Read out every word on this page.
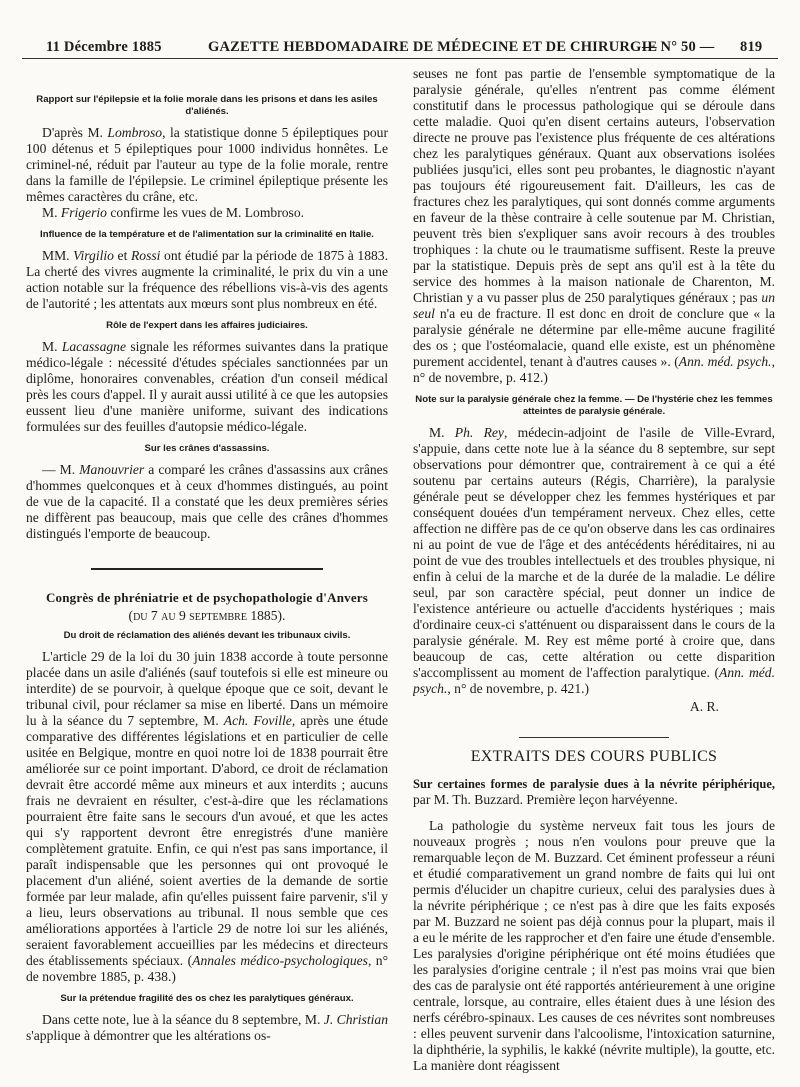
11 Décembre 1885	GAZETTE HEBDOMADAIRE DE MÉDECINE ET DE CHIRURGIE
— N° 50 — 819
Rapport sur l'épilepsie et la folie morale dans les prisons et dans les asiles d'aliénés.

D'après M. Lombroso, la statistique donne 5 épileptiques pour 100 détenus et 5 épileptiques pour 1000 individus honnêtes. Le criminel-né, réduit par l'auteur au type de la folie morale, rentre dans la famille de l'épilepsie. Le criminel épileptique présente les mêmes caractères du crâne, etc.

M. Frigerio confirme les vues de M. Lombroso.

Influence de la température et de l'alimentation sur la criminalité en Italie.

MM. Virgilio et Rossi ont étudié par la période de 1875 à 1883. La cherté des vivres augmente la criminalité, le prix du vin a une action notable sur la fréquence des rébellions vis-à-vis des agents de l'autorité ; les attentats aux mœurs sont plus nombreux en été.

Rôle de l'expert dans les affaires judiciaires.

M. Lacassagne signale les réformes suivantes dans la pratique médico-légale : nécessité d'études spéciales sanctionnées par un diplôme, honoraires convenables, création d'un conseil médical près les cours d'appel. Il y aurait aussi utilité à ce que les autopsies eussent lieu d'une manière uniforme, suivant des indications formulées sur des feuilles d'autopsie médico-légale.

Sur les crânes d'assassins.

— M. Manouvrier a comparé les crânes d'assassins aux crânes d'hommes quelconques et à ceux d'hommes distingués, au point de vue de la capacité. Il a constaté que les deux premières séries ne diffèrent pas beaucoup, mais que celle des crânes d'hommes distingués l'emporte de beaucoup.

Congrès de phréniatrie et de psychopathologie d'Anvers
(du 7 au 9 septembre 1885).
Du droit de réclamation des aliénés devant les tribunaux civils.

L'article 29 de la loi du 30 juin 1838 accorde à toute personne placée dans un asile d'aliénés (sauf toutefois si elle est mineure ou interdite) de se pourvoir, à quelque époque que ce soit, devant le tribunal civil, pour réclamer sa mise en liberté. Dans un mémoire lu à la séance du 7 septembre, M. Ach. Foville, après une étude comparative des différentes législations et en particulier de celle usitée en Belgique, montre en quoi notre loi de 1838 pourrait être améliorée sur ce point important. D'abord, ce droit de réclamation devrait être accordé même aux mineurs et aux interdits ; aucuns frais ne devraient en résulter, c'est-à-dire que les réclamations pourraient être faite sans le secours d'un avoué, et que les actes qui s'y rapportent devront être enregistrés d'une manière complètement gratuite. Enfin, ce qui n'est pas sans importance, il paraît indispensable que les personnes qui ont provoqué le placement d'un aliéné, soient averties de la demande de sortie formée par leur malade, afin qu'elles puissent faire parvenir, s'il y a lieu, leurs observations au tribunal. Il nous semble que ces améliorations apportées à l'article 29 de notre loi sur les aliénés, seraient favorablement accueillies par les médecins et directeurs des établissements spéciaux. (Annales médico-psychologiques, n° de novembre 1885, p. 438.)

Sur la prétendue fragilité des os chez les paralytiques généraux.

Dans cette note, lue à la séance du 8 septembre, M. J. Christian s'applique à démontrer que les altérations os-

seuses ne font pas partie de l'ensemble symptomatique de la paralysie générale, qu'elles n'entrent pas comme élément constitutif dans le processus pathologique qui se déroule dans cette maladie. Quoi qu'en disent certains auteurs, l'observation directe ne prouve pas l'existence plus fréquente de ces altérations chez les paralytiques généraux. Quant aux observations isolées publiées jusqu'ici, elles sont peu probantes, le diagnostic n'ayant pas toujours été rigoureusement fait. D'ailleurs, les cas de fractures chez les paralytiques, qui sont donnés comme arguments en faveur de la thèse contraire à celle soutenue par M. Christian, peuvent très bien s'expliquer sans avoir recours à des troubles trophiques : la chute ou le traumatisme suffisent. Reste la preuve par la statistique. Depuis près de sept ans qu'il est à la tête du service des hommes à la maison nationale de Charenton, M. Christian y a vu passer plus de 250 paralytiques généraux ; pas un seul n'a eu de fracture. Il est donc en droit de conclure que « la paralysie générale ne détermine par elle-même aucune fragilité des os ; que l'ostéomalacie, quand elle existe, est un phénomène purement accidentel, tenant à d'autres causes ». (Ann. méd. psych., n° de novembre, p. 412.)

Note sur la paralysie générale chez la femme. — De l'hystérie chez les femmes atteintes de paralysie générale.

M. Ph. Rey, médecin-adjoint de l'asile de Ville-Evrard, s'appuie, dans cette note lue à la séance du 8 septembre, sur sept observations pour démontrer que, contrairement à ce qui a été soutenu par certains auteurs (Régis, Charrière), la paralysie générale peut se développer chez les femmes hystériques et par conséquent douées d'un tempérament nerveux. Chez elles, cette affection ne diffère pas de ce qu'on observe dans les cas ordinaires ni au point de vue de l'âge et des antécédents héréditaires, ni au point de vue des troubles intellectuels et des troubles physique, ni enfin à celui de la marche et de la durée de la maladie. Le délire seul, par son caractère spécial, peut donner un indice de l'existence antérieure ou actuelle d'accidents hystériques ; mais d'ordinaire ceux-ci s'atténuent ou disparaissent dans le cours de la paralysie générale. M. Rey est même porté à croire que, dans beaucoup de cas, cette altération ou cette disparition s'accomplissent au moment de l'affection paralytique. (Ann. méd. psych., n° de novembre, p. 421.)

A. R.
EXTRAITS DES COURS PUBLICS

Sur certaines formes de paralysie dues à la névrite périphérique, par M. Th. Buzzard. Première leçon harvéyenne.

La pathologie du système nerveux fait tous les jours de nouveaux progrès ; nous n'en voulons pour preuve que la remarquable leçon de M. Buzzard. Cet éminent professeur a réuni et étudié comparativement un grand nombre de faits qui lui ont permis d'élucider un chapitre curieux, celui des paralysies dues à la névrite périphérique ; ce n'est pas à dire que les faits exposés par M. Buzzard ne soient pas déjà connus pour la plupart, mais il a eu le mérite de les rapprocher et d'en faire une étude d'ensemble. Les paralysies d'origine périphérique ont été moins étudiées que les paralysies d'origine centrale ; il n'est pas moins vrai que bien des cas de paralysie ont été rapportés antérieurement à une origine centrale, lorsque, au contraire, elles étaient dues à une lésion des nerfs cérébro-spinaux. Les causes de ces névrites sont nombreuses : elles peuvent survenir dans l'alcoolisme, l'intoxication saturnine, la diphthérie, la syphilis, le kakké (névrite multiple), la goutte, etc. La manière dont réagissent
